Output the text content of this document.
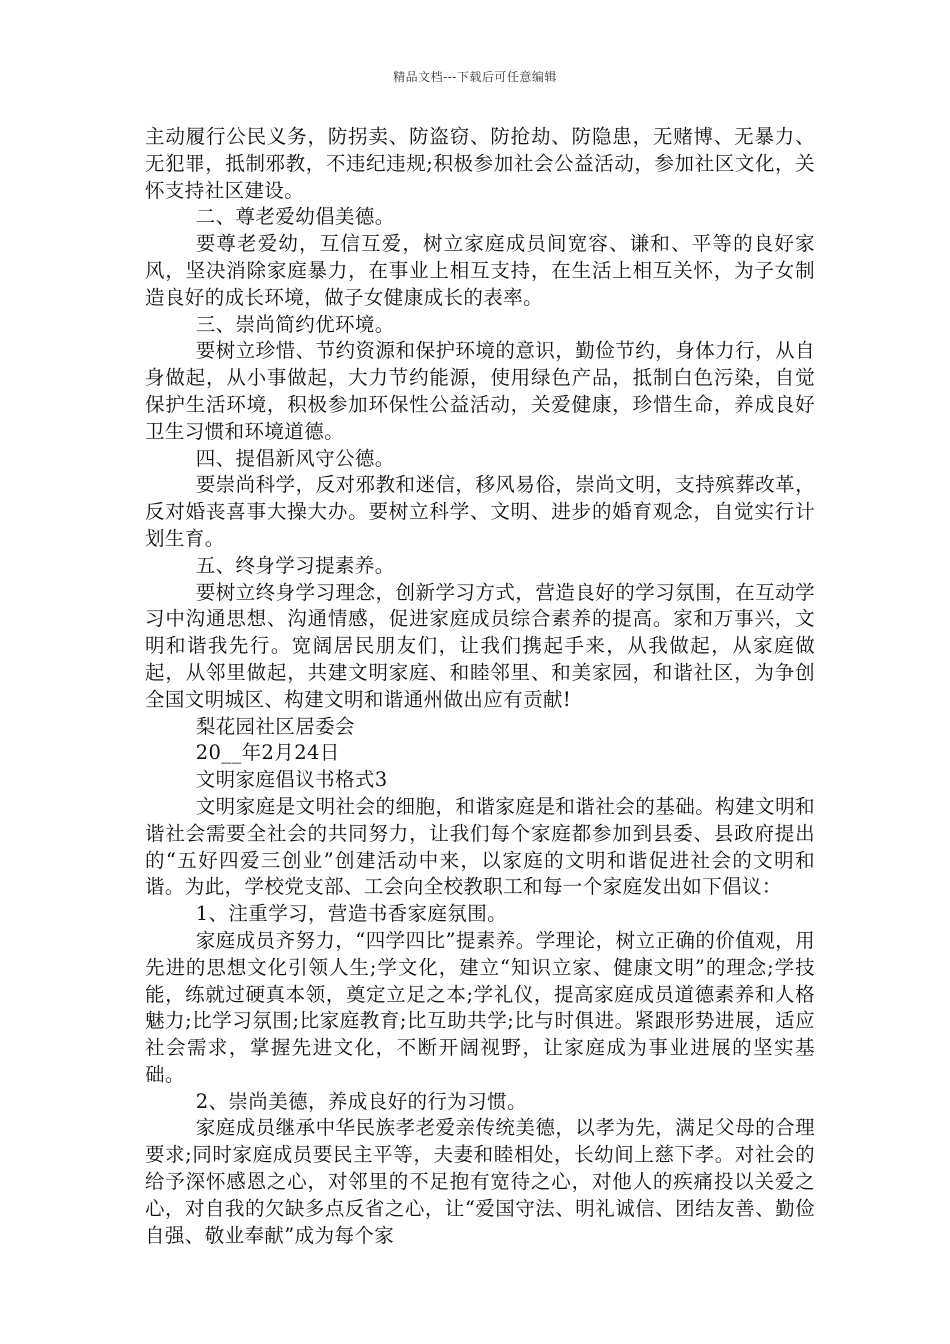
精品文档---下载后可任意编辑

主动履行公民义务，防拐卖、防盗窃、防抢劫、防隐患，无赌博、无暴力、无犯罪，抵制邪教，不违纪违规;积极参加社会公益活动，参加社区文化，关怀支持社区建设。

二、尊老爱幼倡美德。

要尊老爱幼，互信互爱，树立家庭成员间宽容、谦和、平等的良好家风，坚决消除家庭暴力，在事业上相互支持，在生活上相互关怀，为子女制造良好的成长环境，做子女健康成长的表率。

三、崇尚简约优环境。

要树立珍惜、节约资源和保护环境的意识，勤俭节约，身体力行，从自身做起，从小事做起，大力节约能源，使用绿色产品，抵制白色污染，自觉保护生活环境，积极参加环保性公益活动，关爱健康，珍惜生命，养成良好卫生习惯和环境道德。

四、提倡新风守公德。

要崇尚科学，反对邪教和迷信，移风易俗，崇尚文明，支持殡葬改革，反对婚丧喜事大操大办。要树立科学、文明、进步的婚育观念，自觉实行计划生育。

五、终身学习提素养。

要树立终身学习理念，创新学习方式，营造良好的学习氛围，在互动学习中沟通思想、沟通情感，促进家庭成员综合素养的提高。家和万事兴，文明和谐我先行。宽阔居民朋友们，让我们携起手来，从我做起，从家庭做起，从邻里做起，共建文明家庭、和睦邻里、和美家园，和谐社区，为争创全国文明城区、构建文明和谐通州做出应有贡献!

梨花园社区居委会

20__年2月24日

文明家庭倡议书格式3

文明家庭是文明社会的细胞，和谐家庭是和谐社会的基础。构建文明和谐社会需要全社会的共同努力，让我们每个家庭都参加到县委、县政府提出的“五好四爱三创业”创建活动中来，以家庭的文明和谐促进社会的文明和谐。为此，学校党支部、工会向全校教职工和每一个家庭发出如下倡议：

1、注重学习，营造书香家庭氛围。

家庭成员齐努力，“四学四比”提素养。学理论，树立正确的价值观，用先进的思想文化引领人生;学文化，建立“知识立家、健康文明”的理念;学技能，练就过硬真本领，奠定立足之本;学礼仪，提高家庭成员道德素养和人格魅力;比学习氛围;比家庭教育;比互助共学;比与时俱进。紧跟形势进展，适应社会需求，掌握先进文化，不断开阔视野，让家庭成为事业进展的坚实基础。

2、崇尚美德，养成良好的行为习惯。

家庭成员继承中华民族孝老爱亲传统美德，以孝为先，满足父母的合理要求;同时家庭成员要民主平等，夫妻和睦相处，长幼间上慈下孝。对社会的给予深怀感恩之心，对邻里的不足抱有宽待之心，对他人的疾痛投以关爱之心，对自我的欠缺多点反省之心，让“爱国守法、明礼诚信、团结友善、勤俭自强、敬业奉献”成为每个家
